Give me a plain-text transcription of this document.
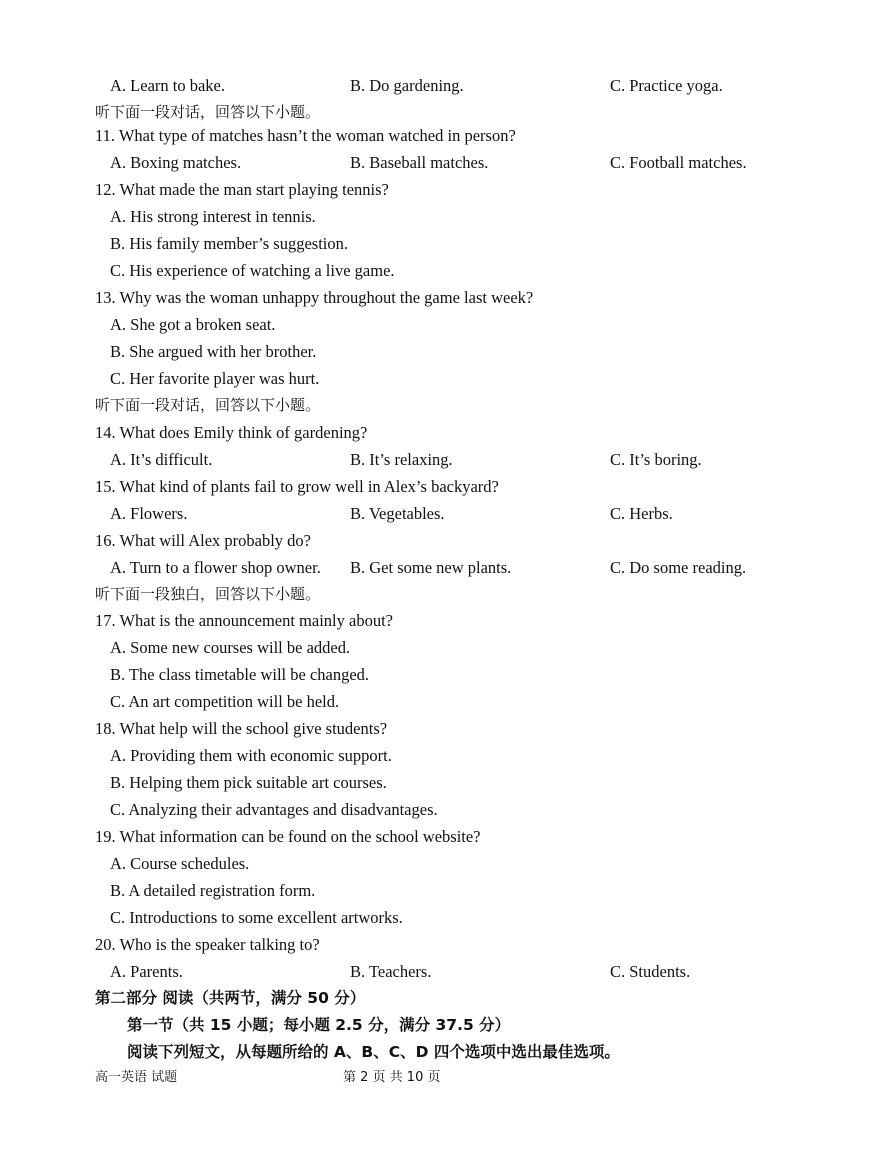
A. Learn to bake.	B. Do gardening.	C. Practice yoga.
听下面一段对话，回答以下小题。
11. What type of matches hasn’t the woman watched in person?
A. Boxing matches.	B. Baseball matches.	C. Football matches.
12. What made the man start playing tennis?
A. His strong interest in tennis.
B. His family member’s suggestion.
C. His experience of watching a live game.
13. Why was the woman unhappy throughout the game last week?
A. She got a broken seat.
B. She argued with her brother.
C. Her favorite player was hurt.
听下面一段对话，回答以下小题。
14. What does Emily think of gardening?
A. It’s difficult.	B. It’s relaxing.	C. It’s boring.
15. What kind of plants fail to grow well in Alex’s backyard?
A. Flowers.	B. Vegetables.	C. Herbs.
16. What will Alex probably do?
A. Turn to a flower shop owner. B. Get some new plants.	C. Do some reading.
听下面一段独白，回答以下小题。
17. What is the announcement mainly about?
A. Some new courses will be added.
B. The class timetable will be changed.
C. An art competition will be held.
18. What help will the school give students?
A. Providing them with economic support.
B. Helping them pick suitable art courses.
C. Analyzing their advantages and disadvantages.
19. What information can be found on the school website?
A. Course schedules.
B. A detailed registration form.
C. Introductions to some excellent artworks.
20. Who is the speaker talking to?
A. Parents.	B. Teachers.	C. Students.
第二部分 阅读（共两节，满分 50 分）
第一节（共 15 小题；每小题 2.5 分，满分 37.5 分）
阅读下列短文，从每题所给的 A、B、C、D 四个选项中选出最佳选项。
高一英语 试题	第 2 页 共 10 页
